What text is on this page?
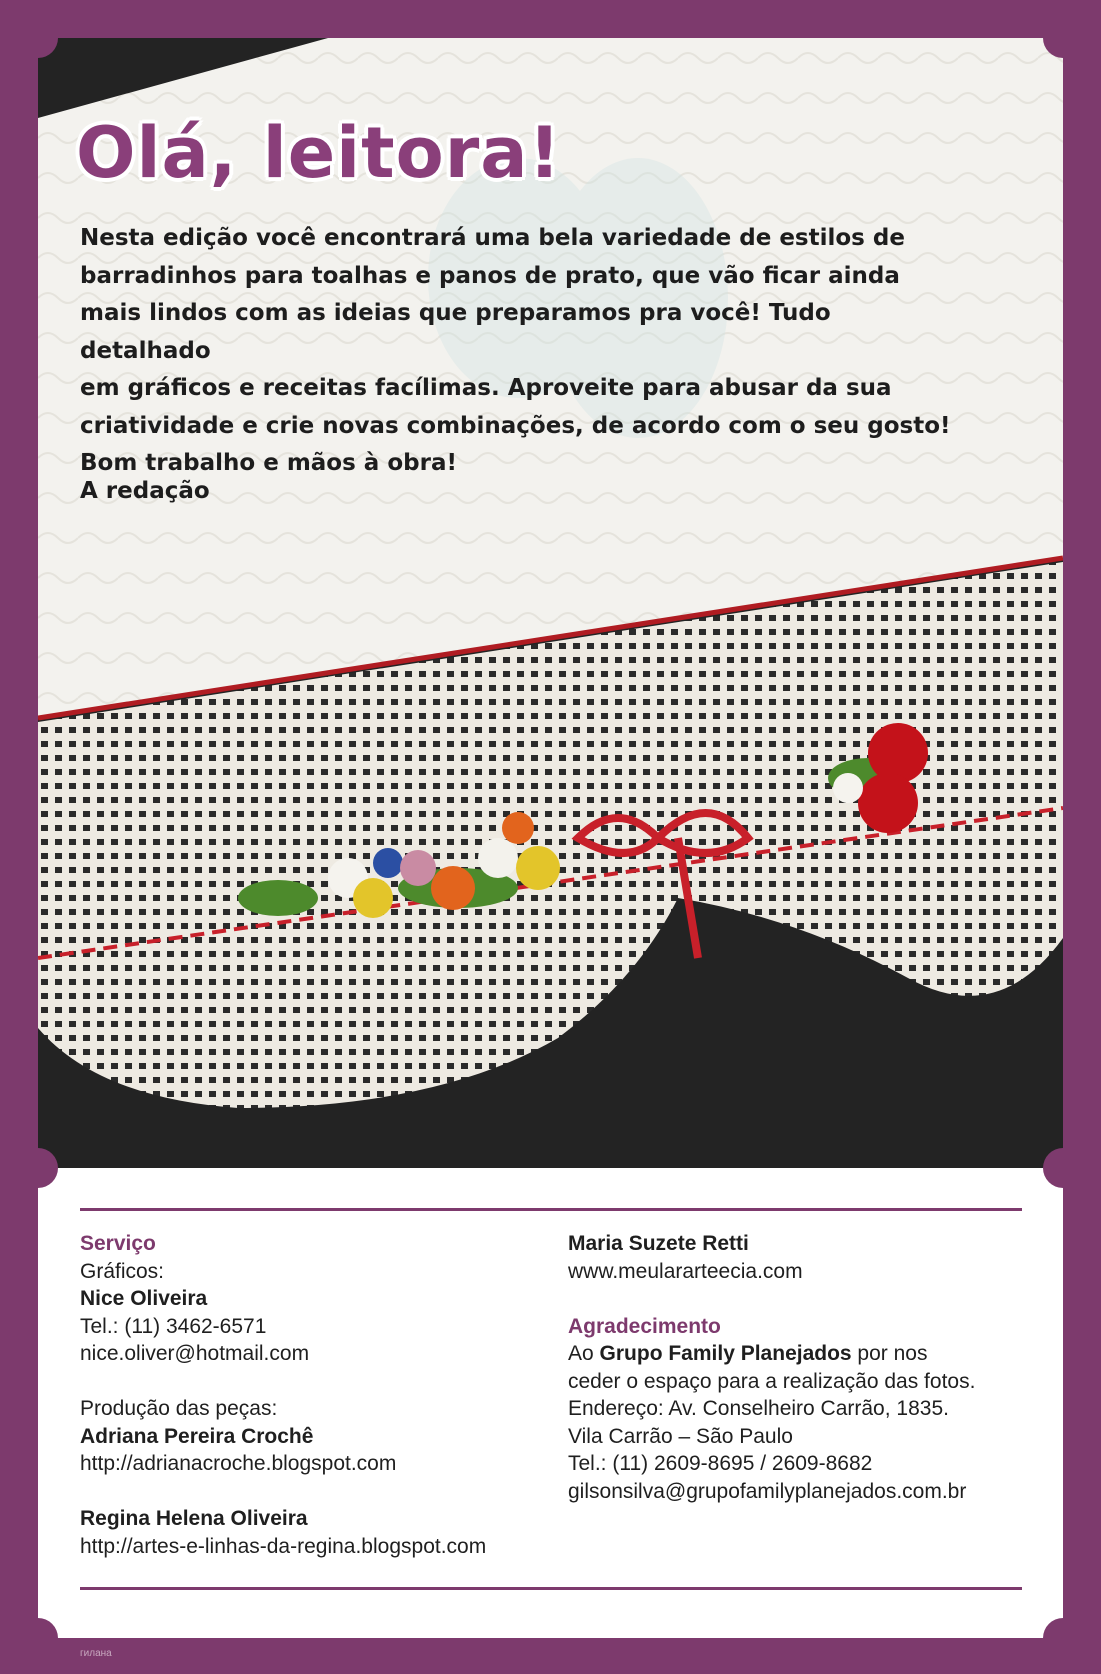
Olá, leitora!

Nesta edição você encontrará uma bela variedade de estilos de
barradinhos para toalhas e panos de prato, que vão ficar ainda
mais lindos com as ideias que preparamos pra você! Tudo detalhado
em gráficos e receitas facílimas. Aproveite para abusar da sua
criatividade e crie novas combinações, de acordo com o seu gosto!
Bom trabalho e mãos à obra!

A redação
Serviço
Gráficos:
Nice Oliveira
Tel.: (11) 3462-6571
nice.oliver@hotmail.com
Produção das peças:
Adriana Pereira Crochê
http://adrianacroche.blogspot.com
Regina Helena Oliveira
http://artes-e-linhas-da-regina.blogspot.com
Maria Suzete Retti
www.meulararteecia.com
Agradecimento
Ao Grupo Family Planejados por nos
ceder o espaço para a realização das fotos.
Endereço: Av. Conselheiro Carrão, 1835.
Vila Carrão – São Paulo
Tel.: (11) 2609-8695 / 2609-8682
gilsonsilva@grupofamilyplanejados.com.br
гилана
